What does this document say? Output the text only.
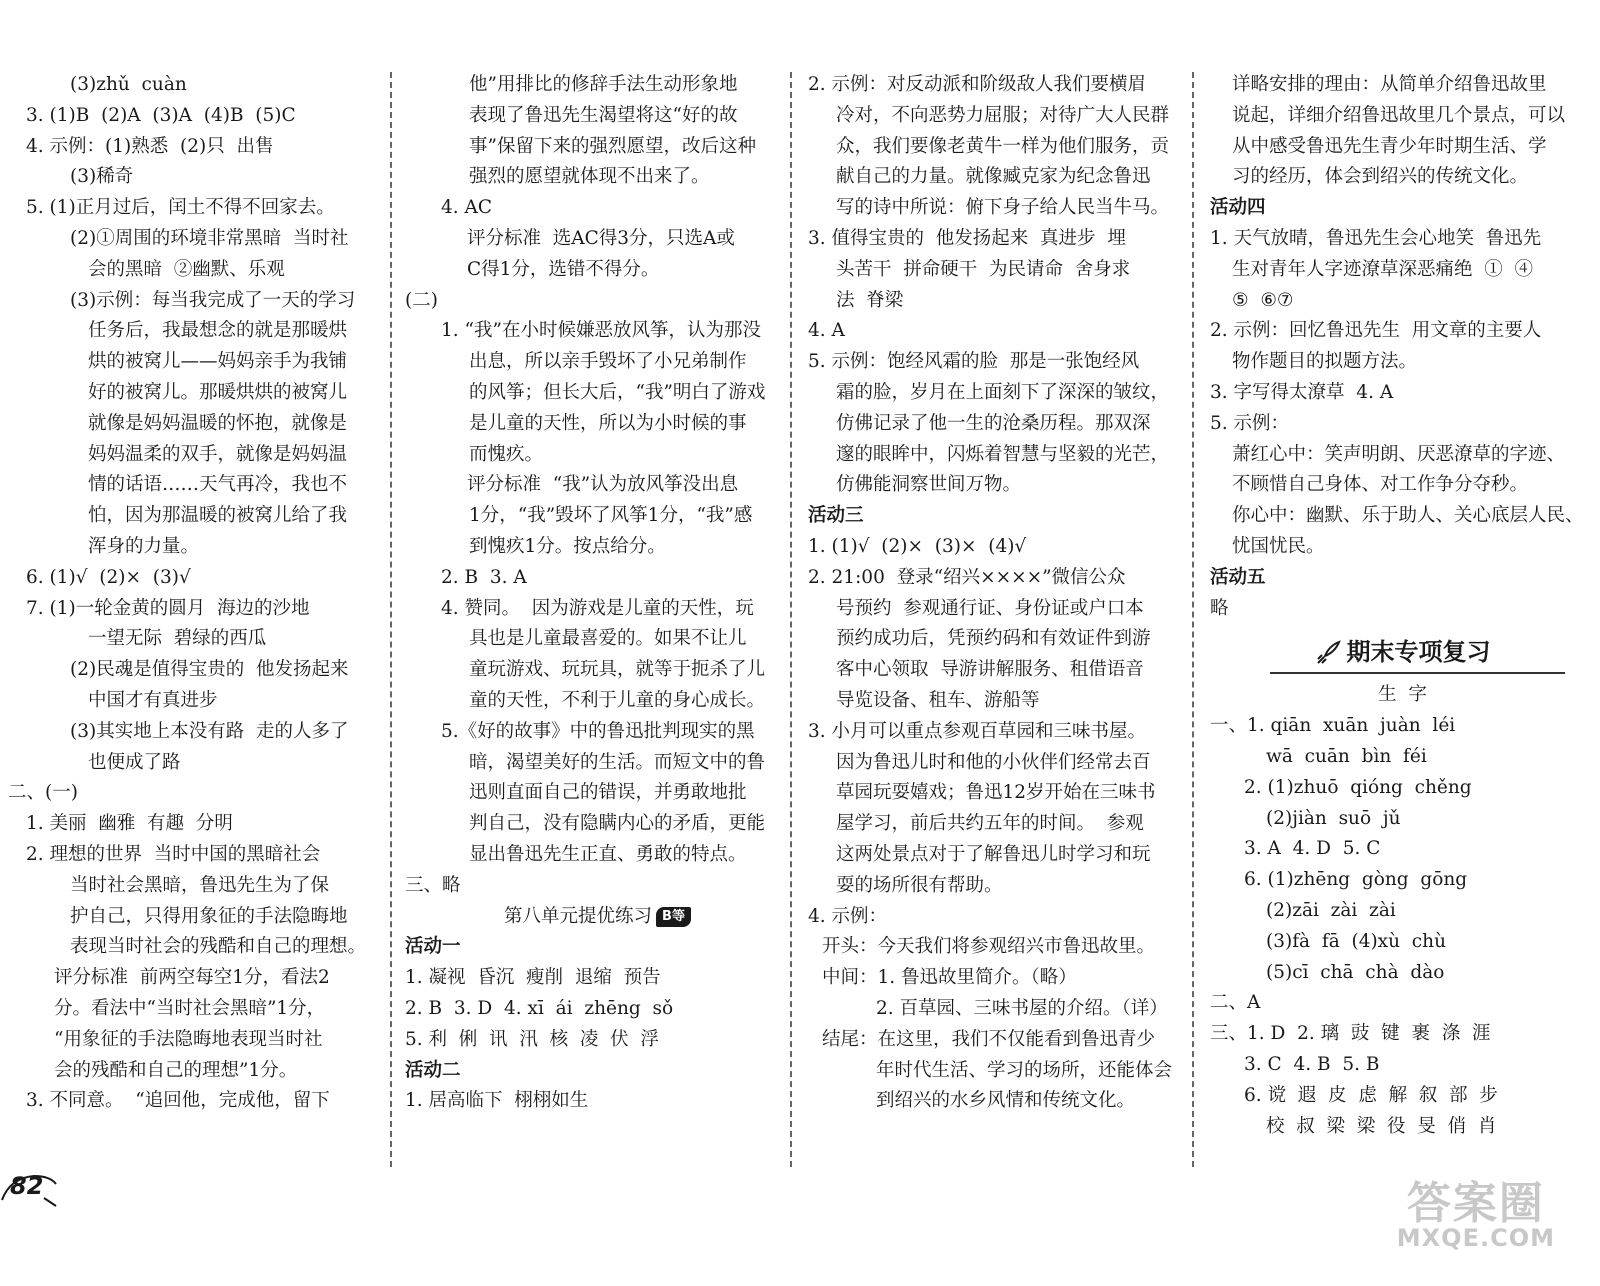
(3)zhǔ  cuàn
3. (1)B  (2)A  (3)A  (4)B  (5)C
4. 示例：(1)熟悉  (2)只  出售
(3)稀奇
5. (1)正月过后，闰土不得不回家去。
(2)①周围的环境非常黑暗  当时社
会的黑暗  ②幽默、乐观
(3)示例：每当我完成了一天的学习
任务后，我最想念的就是那暖烘
烘的被窝儿——妈妈亲手为我铺
好的被窝儿。那暖烘烘的被窝儿
就像是妈妈温暖的怀抱，就像是
妈妈温柔的双手，就像是妈妈温
情的话语……天气再冷，我也不
怕，因为那温暖的被窝儿给了我
浑身的力量。
6. (1)√  (2)×  (3)√
7. (1)一轮金黄的圆月  海边的沙地
一望无际  碧绿的西瓜
(2)民魂是值得宝贵的  他发扬起来
中国才有真进步
(3)其实地上本没有路  走的人多了
也便成了路
二、(一)
1. 美丽  幽雅  有趣  分明
2. 理想的世界  当时中国的黑暗社会
当时社会黑暗，鲁迅先生为了保
护自己，只得用象征的手法隐晦地
表现当时社会的残酷和自己的理想。
评分标准  前两空每空1分，看法2
分。看法中“当时社会黑暗”1分，
“用象征的手法隐晦地表现当时社
会的残酷和自己的理想”1分。
3. 不同意。  “追回他，完成他，留下
他”用排比的修辞手法生动形象地
表现了鲁迅先生渴望将这“好的故
事”保留下来的强烈愿望，改后这种
强烈的愿望就体现不出来了。
4. AC
评分标准  选AC得3分，只选A或
C得1分，选错不得分。
(二)
1. “我”在小时候嫌恶放风筝，认为那没
出息，所以亲手毁坏了小兄弟制作
的风筝；但长大后，“我”明白了游戏
是儿童的天性，所以为小时候的事
而愧疚。
评分标准  “我”认为放风筝没出息
1分，“我”毁坏了风筝1分，“我”感
到愧疚1分。按点给分。
2. B  3. A
4. 赞同。  因为游戏是儿童的天性，玩
具也是儿童最喜爱的。如果不让儿
童玩游戏、玩玩具，就等于扼杀了儿
童的天性，不利于儿童的身心成长。
5.《好的故事》中的鲁迅批判现实的黑
暗，渴望美好的生活。而短文中的鲁
迅则直面自己的错误，并勇敢地批
判自己，没有隐瞒内心的矛盾，更能
显出鲁迅先生正直、勇敢的特点。
三、略
第八单元提优练习 B等
活动一
1. 凝视  昏沉  瘦削  退缩  预告
2. B  3. D  4. xī  ái  zhēng  sǒ
5. 利  俐  讯  汛  核  凌  伏  浮
活动二
1. 居高临下  栩栩如生
2. 示例：对反动派和阶级敌人我们要横眉
冷对，不向恶势力屈服；对待广大人民群
众，我们要像老黄牛一样为他们服务，贡
献自己的力量。就像臧克家为纪念鲁迅
写的诗中所说：俯下身子给人民当牛马。
3. 值得宝贵的  他发扬起来  真进步  埋
头苦干  拼命硬干  为民请命  舍身求
法  脊梁
4. A
5. 示例：饱经风霜的脸  那是一张饱经风
霜的脸，岁月在上面刻下了深深的皱纹，
仿佛记录了他一生的沧桑历程。那双深
邃的眼眸中，闪烁着智慧与坚毅的光芒，
仿佛能洞察世间万物。
活动三
1. (1)√  (2)×  (3)×  (4)√
2. 21:00  登录“绍兴××××”微信公众
号预约  参观通行证、身份证或户口本
预约成功后，凭预约码和有效证件到游
客中心领取  导游讲解服务、租借语音
导览设备、租车、游船等
3. 小月可以重点参观百草园和三味书屋。
因为鲁迅儿时和他的小伙伴们经常去百
草园玩耍嬉戏；鲁迅12岁开始在三味书
屋学习，前后共约五年的时间。  参观
这两处景点对于了解鲁迅儿时学习和玩
耍的场所很有帮助。
4. 示例：
开头：今天我们将参观绍兴市鲁迅故里。
中间：1. 鲁迅故里简介。（略）
2. 百草园、三味书屋的介绍。（详）
结尾：在这里，我们不仅能看到鲁迅青少
年时代生活、学习的场所，还能体会
到绍兴的水乡风情和传统文化。
详略安排的理由：从简单介绍鲁迅故里
说起，详细介绍鲁迅故里几个景点，可以
从中感受鲁迅先生青少年时期生活、学
习的经历，体会到绍兴的传统文化。
活动四
1. 天气放晴，鲁迅先生会心地笑  鲁迅先
生对青年人字迹潦草深恶痛绝  ①  ④
⑤  ⑥⑦
2. 示例：回忆鲁迅先生  用文章的主要人
物作题目的拟题方法。
3. 字写得太潦草  4. A
5. 示例：
萧红心中：笑声明朗、厌恶潦草的字迹、
不顾惜自己身体、对工作争分夺秒。
你心中：幽默、乐于助人、关心底层人民、
忧国忧民。
活动五
略
期末专项复习
生  字
一、1. qiān  xuān  juàn  léi
wā  cuān  bìn  féi
2. (1)zhuō  qióng  chěng
(2)jiàn  suō  jǔ
3. A  4. D  5. C
6. (1)zhēng  gòng  gōng
(2)zāi  zài  zài
(3)fà  fā  (4)xù  chù
(5)cī  chā  chà  dào
二、A
三、1. D  2. 璃  豉  键  裹  涤  涯
3. C  4. B  5. B
6. 谠  遐  皮  虑  解  叙  部  步
校  叔  梁  梁  役  旻  俏  肖
82	答案圈
MXQE.COM
